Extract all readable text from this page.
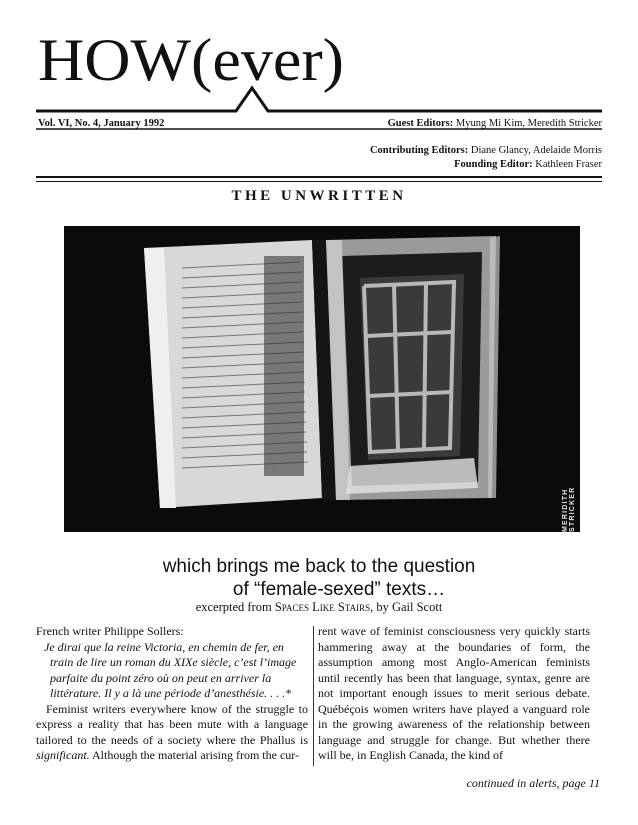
HOW(ever)
Vol. VI, No. 4, January 1992	Guest Editors: Myung Mi Kim, Meredith Stricker
Contributing Editors: Diane Glancy, Adelaide Morris
Founding Editor: Kathleen Fraser
THE UNWRITTEN
MERIDITH STRICKER
which brings me back to the question
of “female-sexed” texts…
excerpted from Spaces Like Stairs, by Gail Scott

French writer Philippe Sollers:

Je dirai que la reine Victoria, en chemin de fer, en train de lire un roman du XIXe siècle, c’est l’image parfaite du point zéro où on peut en arriver la littérature. Il y a là une période d’anesthésie. . . .*

Feminist writers everywhere know of the struggle to express a reality that has been mute with a language tailored to the needs of a society where the Phallus is significant. Although the material arising from the cur-

rent wave of feminist consciousness very quickly starts hammering away at the boundaries of form, the assumption among most Anglo-American feminists until recently has been that language, syntax, genre are not important enough issues to merit serious debate. Québéçois women writers have played a vanguard role in the growing awareness of the relationship between language and struggle for change. But whether there will be, in English Canada, the kind of

continued in alerts, page 11
